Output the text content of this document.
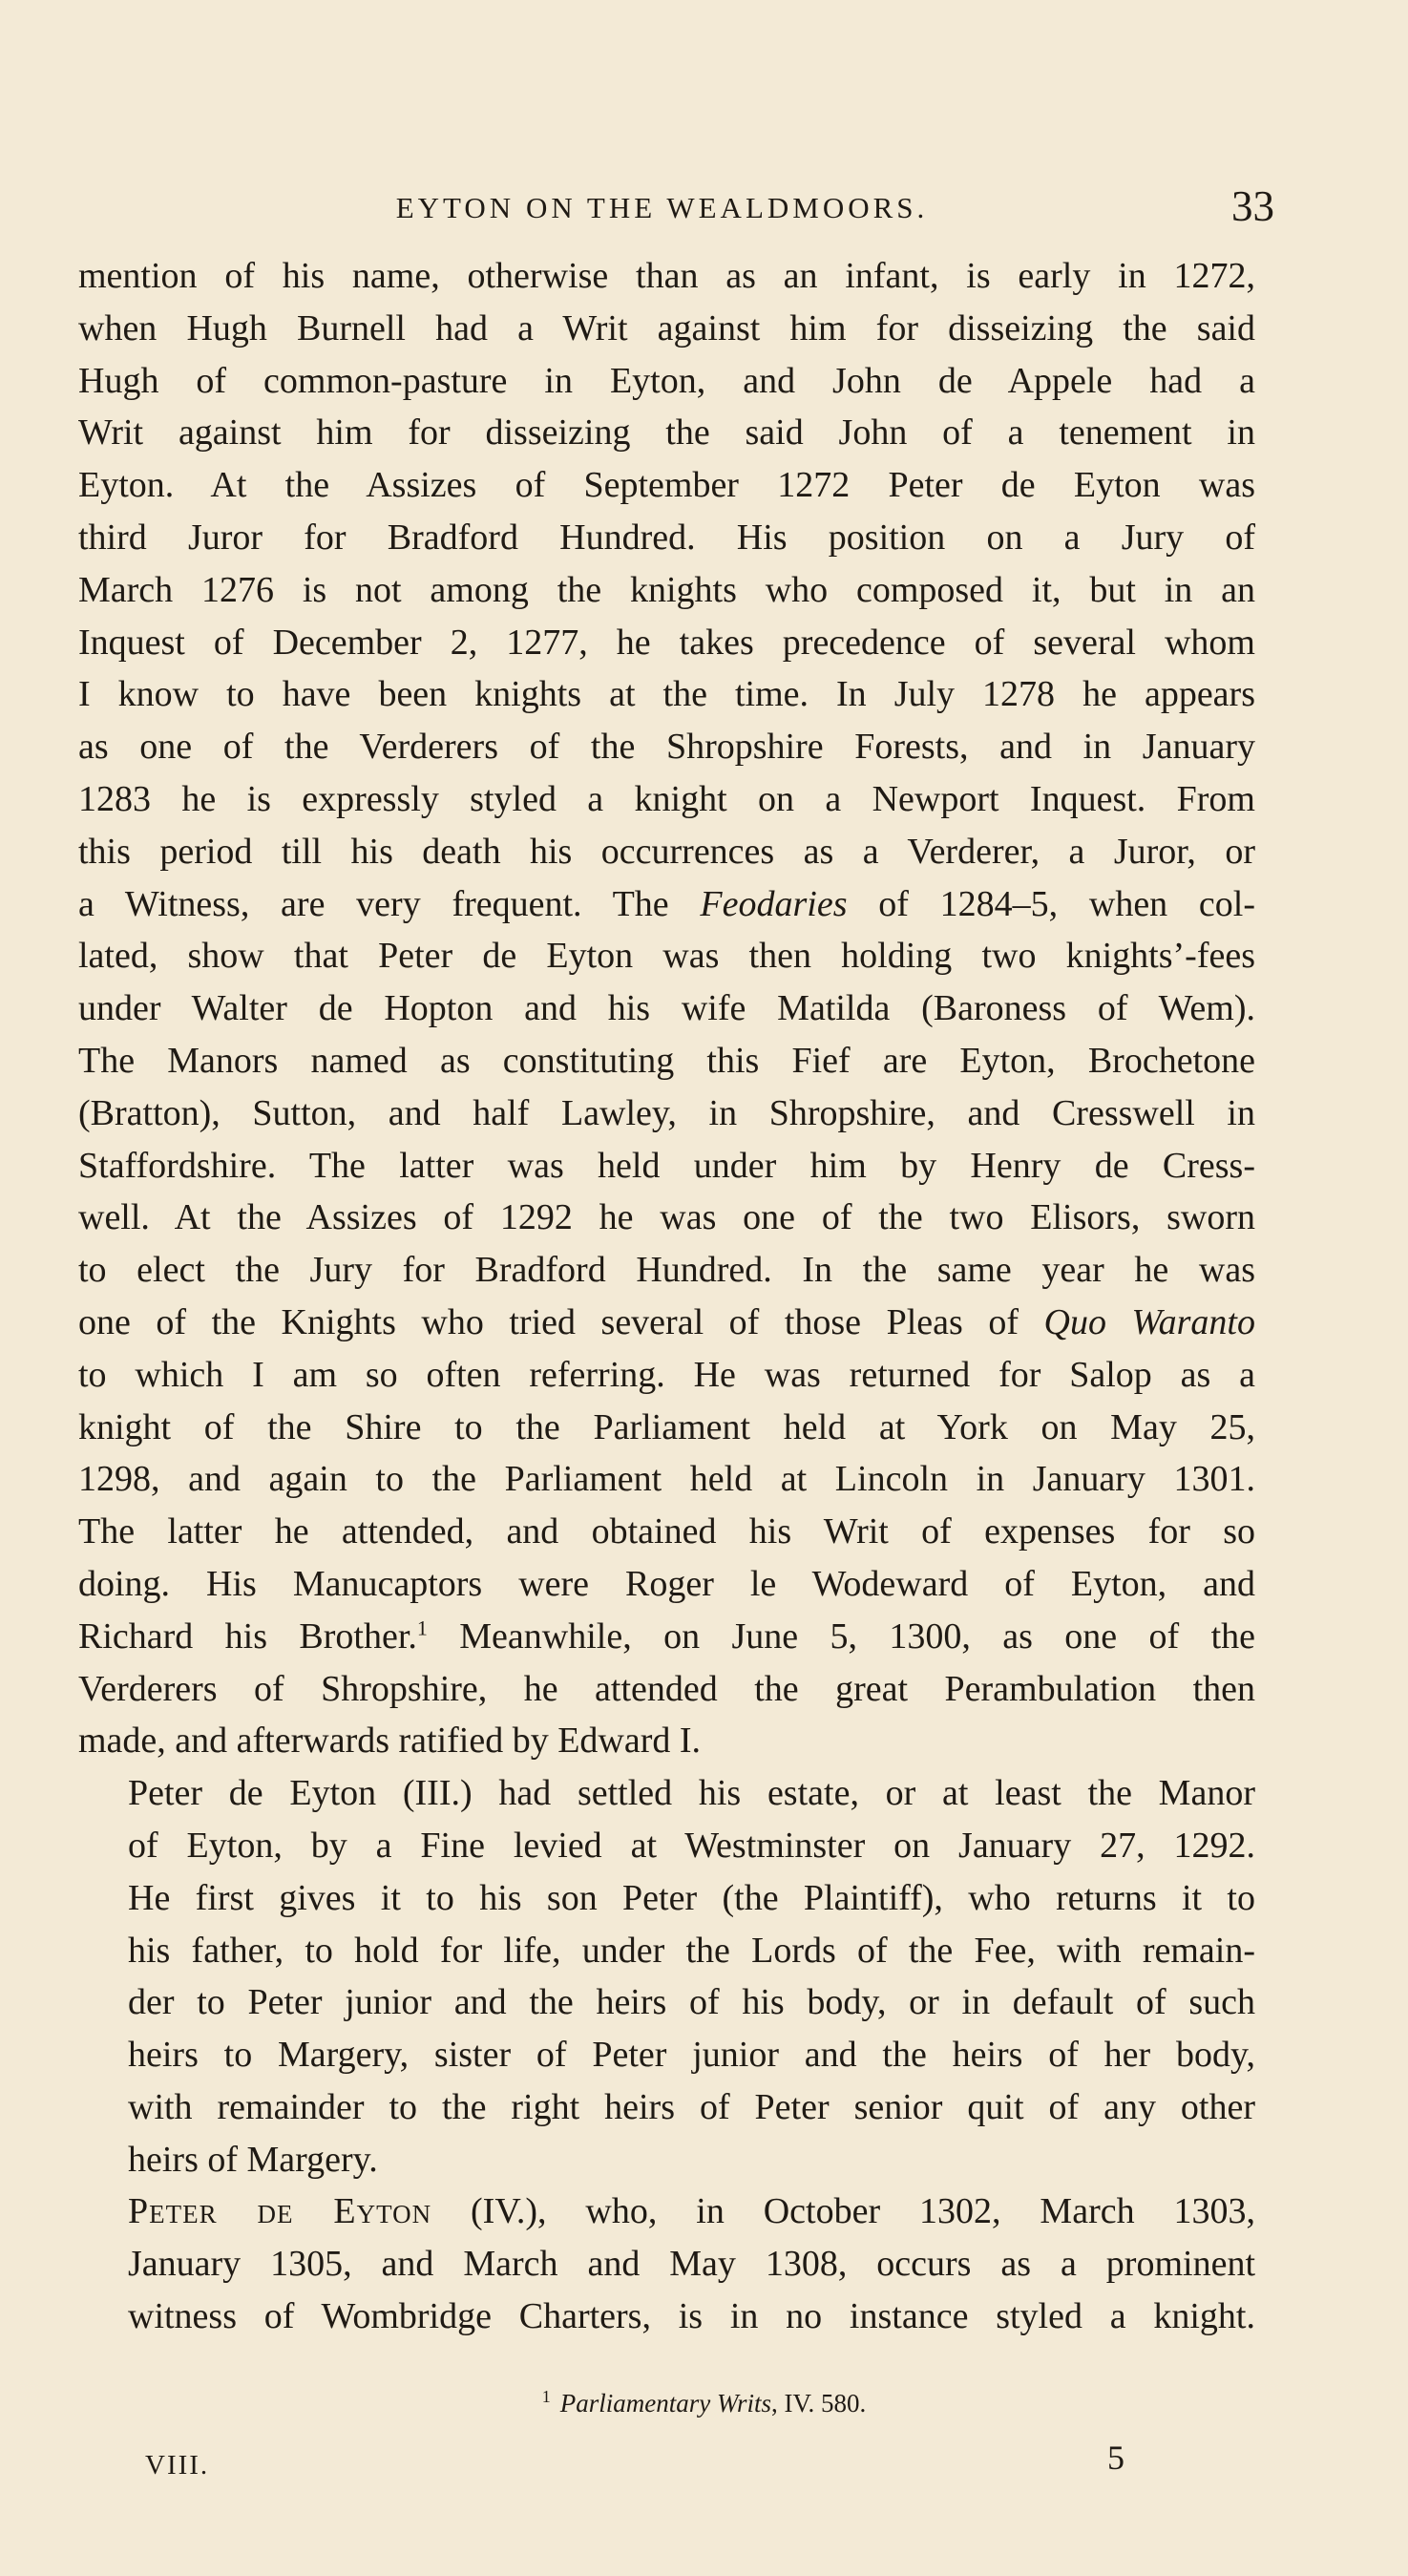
EYTON ON THE WEALDMOORS.	33

mention of his name, otherwise than as an infant, is early in 1272,
when Hugh Burnell had a Writ against him for disseizing the said
Hugh of common-pasture in Eyton, and John de Appele had a
Writ against him for disseizing the said John of a tenement in
Eyton. At the Assizes of September 1272 Peter de Eyton was
third Juror for Bradford Hundred. His position on a Jury of
March 1276 is not among the knights who composed it, but in an
Inquest of December 2, 1277, he takes precedence of several whom
I know to have been knights at the time. In July 1278 he appears
as one of the Verderers of the Shropshire Forests, and in January
1283 he is expressly styled a knight on a Newport Inquest. From
this period till his death his occurrences as a Verderer, a Juror, or
a Witness, are very frequent. The Feodaries of 1284–5, when col-
lated, show that Peter de Eyton was then holding two knights’-fees
under Walter de Hopton and his wife Matilda (Baroness of Wem).
The Manors named as constituting this Fief are Eyton, Brochetone
(Bratton), Sutton, and half Lawley, in Shropshire, and Cresswell in
Staffordshire. The latter was held under him by Henry de Cress-
well. At the Assizes of 1292 he was one of the two Elisors, sworn
to elect the Jury for Bradford Hundred. In the same year he was
one of the Knights who tried several of those Pleas of Quo Waranto
to which I am so often referring. He was returned for Salop as a
knight of the Shire to the Parliament held at York on May 25,
1298, and again to the Parliament held at Lincoln in January 1301.
The latter he attended, and obtained his Writ of expenses for so
doing. His Manucaptors were Roger le Wodeward of Eyton, and
Richard his Brother.$^1$ Meanwhile, on June 5, 1300, as one of the
Verderers of Shropshire, he attended the great Perambulation then
made, and afterwards ratified by Edward I.

Peter de Eyton (III.) had settled his estate, or at least the Manor
of Eyton, by a Fine levied at Westminster on January 27, 1292.
He first gives it to his son Peter (the Plaintiff), who returns it to
his father, to hold for life, under the Lords of the Fee, with remain-
der to Peter junior and the heirs of his body, or in default of such
heirs to Margery, sister of Peter junior and the heirs of her body,
with remainder to the right heirs of Peter senior quit of any other
heirs of Margery.

Peter de Eyton (IV.), who, in October 1302, March 1303,
January 1305, and March and May 1308, occurs as a prominent
witness of Wombridge Charters, is in no instance styled a knight.

$^1$ Parliamentary Writs, IV. 580.
VIII.	5
